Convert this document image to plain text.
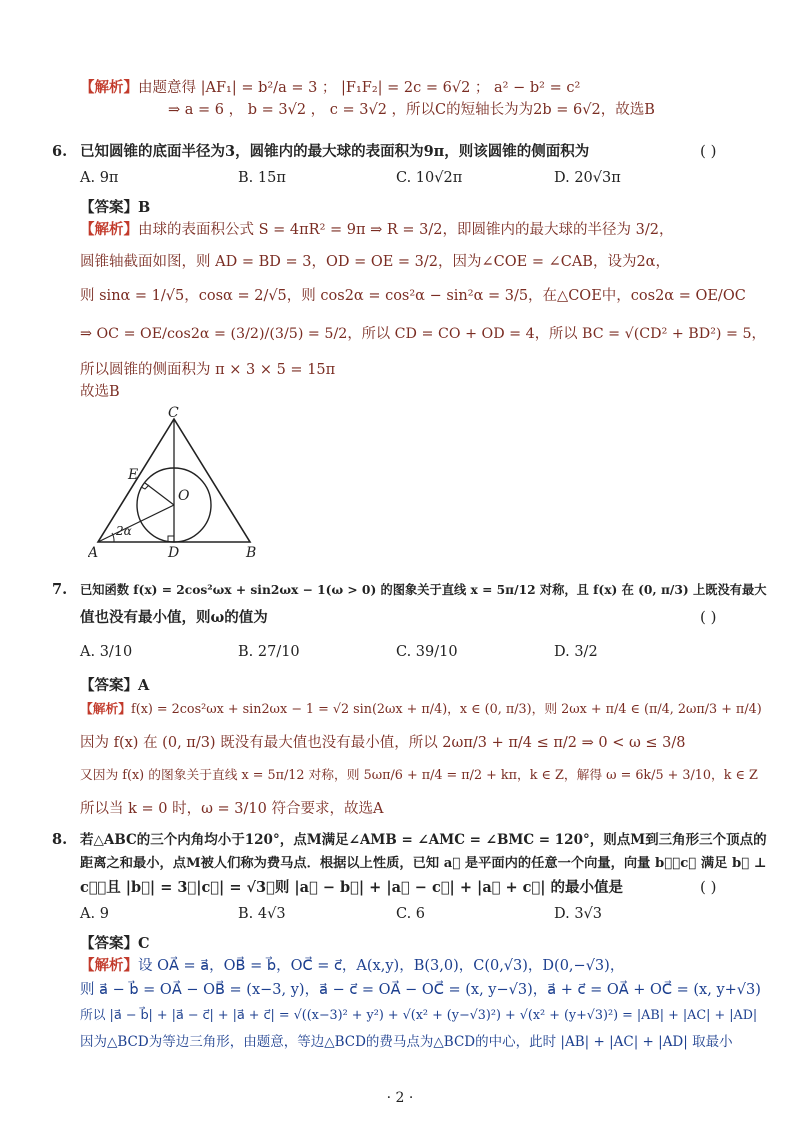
【解析】由题意得 |AF₁| = b²/a = 3 ； |F₁F₂| = 2c = 6√2 ； a² − b² = c²
⇒ a = 6 ， b = 3√2 ， c = 3√2 ，所以C的短轴长为为2b = 6√2，故选B
6. 已知圆锥的底面半径为3，圆锥内的最大球的表面积为9π，则该圆锥的侧面积为	( )
A. 9π	B. 15π	C. 10√2π	D. 20√3π
【答案】B
【解析】由球的表面积公式 S = 4πR² = 9π ⇒ R = 3/2，即圆锥内的最大球的半径为 3/2，
圆锥轴截面如图，则 AD = BD = 3，OD = OE = 3/2，因为∠COE = ∠CAB，设为2α，
则 sinα = 1/√5，cosα = 2/√5，则 cos2α = cos²α − sin²α = 3/5，在△COE中，cos2α = OE/OC
⇒ OC = OE/cos2α = (3/2)/(3/5) = 5/2，所以 CD = CO + OD = 4，所以 BC = √(CD² + BD²) = 5，
所以圆锥的侧面积为 π × 3 × 5 = 15π
故选B
C
E
O
2α
A	D	B
7. 已知函数 f(x) = 2cos²ωx + sin2ωx − 1(ω > 0) 的图象关于直线 x = 5π/12 对称，且 f(x) 在 (0, π/3) 上既没有最大
值也没有最小值，则ω的值为	( )
A. 3/10	B. 27/10	C. 39/10	D. 3/2
【答案】A
【解析】f(x) = 2cos²ωx + sin2ωx − 1 = √2 sin(2ωx + π/4)，x ∈ (0, π/3)，则 2ωx + π/4 ∈ (π/4, 2ωπ/3 + π/4)
因为 f(x) 在 (0, π/3) 既没有最大值也没有最小值，所以 2ωπ/3 + π/4 ≤ π/2 ⇒ 0 < ω ≤ 3/8
又因为 f(x) 的图象关于直线 x = 5π/12 对称，则 5ωπ/6 + π/4 = π/2 + kπ，k ∈ Z，解得 ω = 6k/5 + 3/10，k ∈ Z
所以当 k = 0 时，ω = 3/10 符合要求，故选A
8. 若△ABC的三个内角均小于120°，点M满足∠AMB = ∠AMC = ∠BMC = 120°，则点M到三角形三个顶点的
距离之和最小，点M被人们称为费马点．根据以上性质，已知 a⃗ 是平面内的任意一个向量，向量 b⃗，c⃗ 满足 b⃗ ⊥
c⃗，且 |b⃗| = 3，|c⃗| = √3，则 |a⃗ − b⃗| + |a⃗ − c⃗| + |a⃗ + c⃗| 的最小值是	( )
A. 9	B. 4√3	C. 6	D. 3√3
【答案】C
【解析】设 OA⃗ = a⃗，OB⃗ = b⃗，OC⃗ = c⃗，A(x,y)，B(3,0)，C(0,√3)，D(0,−√3)，
则 a⃗ − b⃗ = OA⃗ − OB⃗ = (x−3, y)，a⃗ − c⃗ = OA⃗ − OC⃗ = (x, y−√3)，a⃗ + c⃗ = OA⃗ + OC⃗ = (x, y+√3)
所以 |a⃗ − b⃗| + |a⃗ − c⃗| + |a⃗ + c⃗| = √((x−3)² + y²) + √(x² + (y−√3)²) + √(x² + (y+√3)²) = |AB| + |AC| + |AD|
因为△BCD为等边三角形，由题意，等边△BCD的费马点为△BCD的中心，此时 |AB| + |AC| + |AD| 取最小
· 2 ·
